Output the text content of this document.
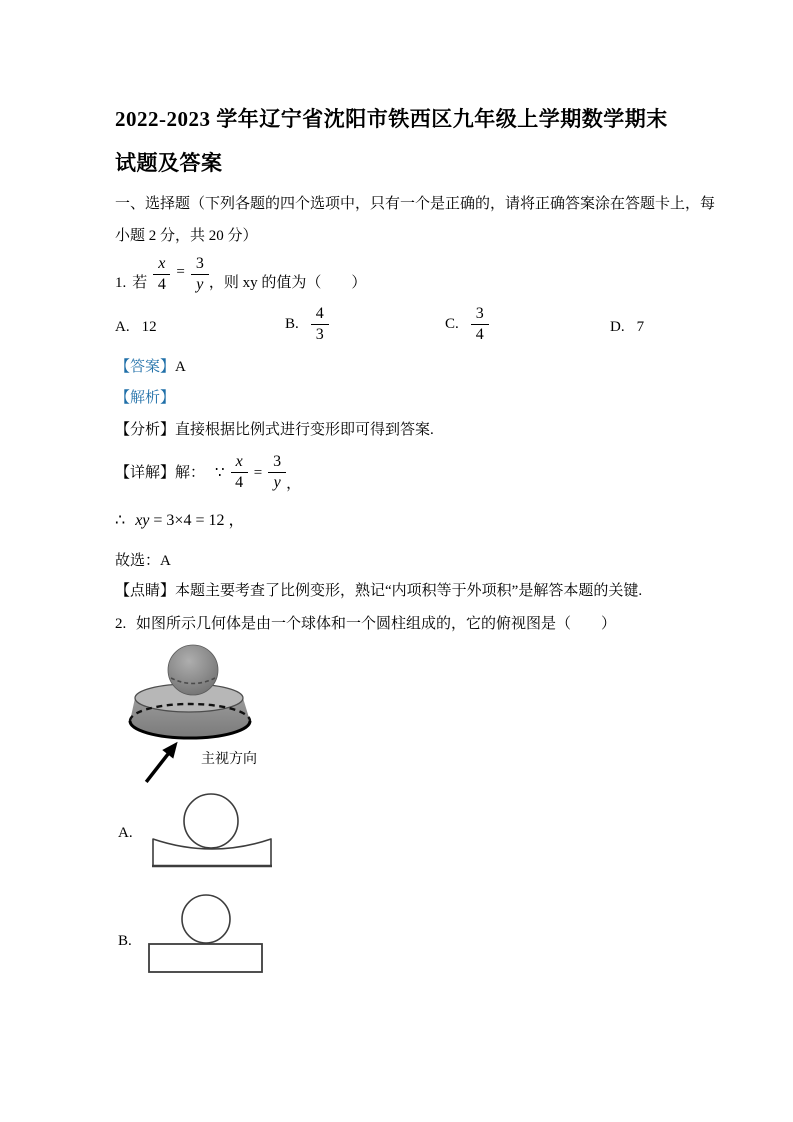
2022-2023 学年辽宁省沈阳市铁西区九年级上学期数学期末
试题及答案
一、选择题（下列各题的四个选项中，只有一个是正确的，请将正确答案涂在答题卡上，每
小题 2 分，共 20 分）
1. 若 $\frac{x}{4} = \frac{3}{y}$ ，则 xy 的值为（　　）
A. 12	B. $\frac{4}{3}$	C. $\frac{3}{4}$	D. 7
【答案】A
【解析】
【分析】直接根据比例式进行变形即可得到答案.
【详解】 解： ∵ $\frac{x}{4} = \frac{3}{y}$ ，
∴ xy = 3×4 = 12 ，
故选：A
【点睛】本题主要考查了比例变形，熟记“内项积等于外项积”是解答本题的关键.
2. 如图所示几何体是由一个球体和一个圆柱组成的，它的俯视图是（　　）
主视方向
A.
B.
